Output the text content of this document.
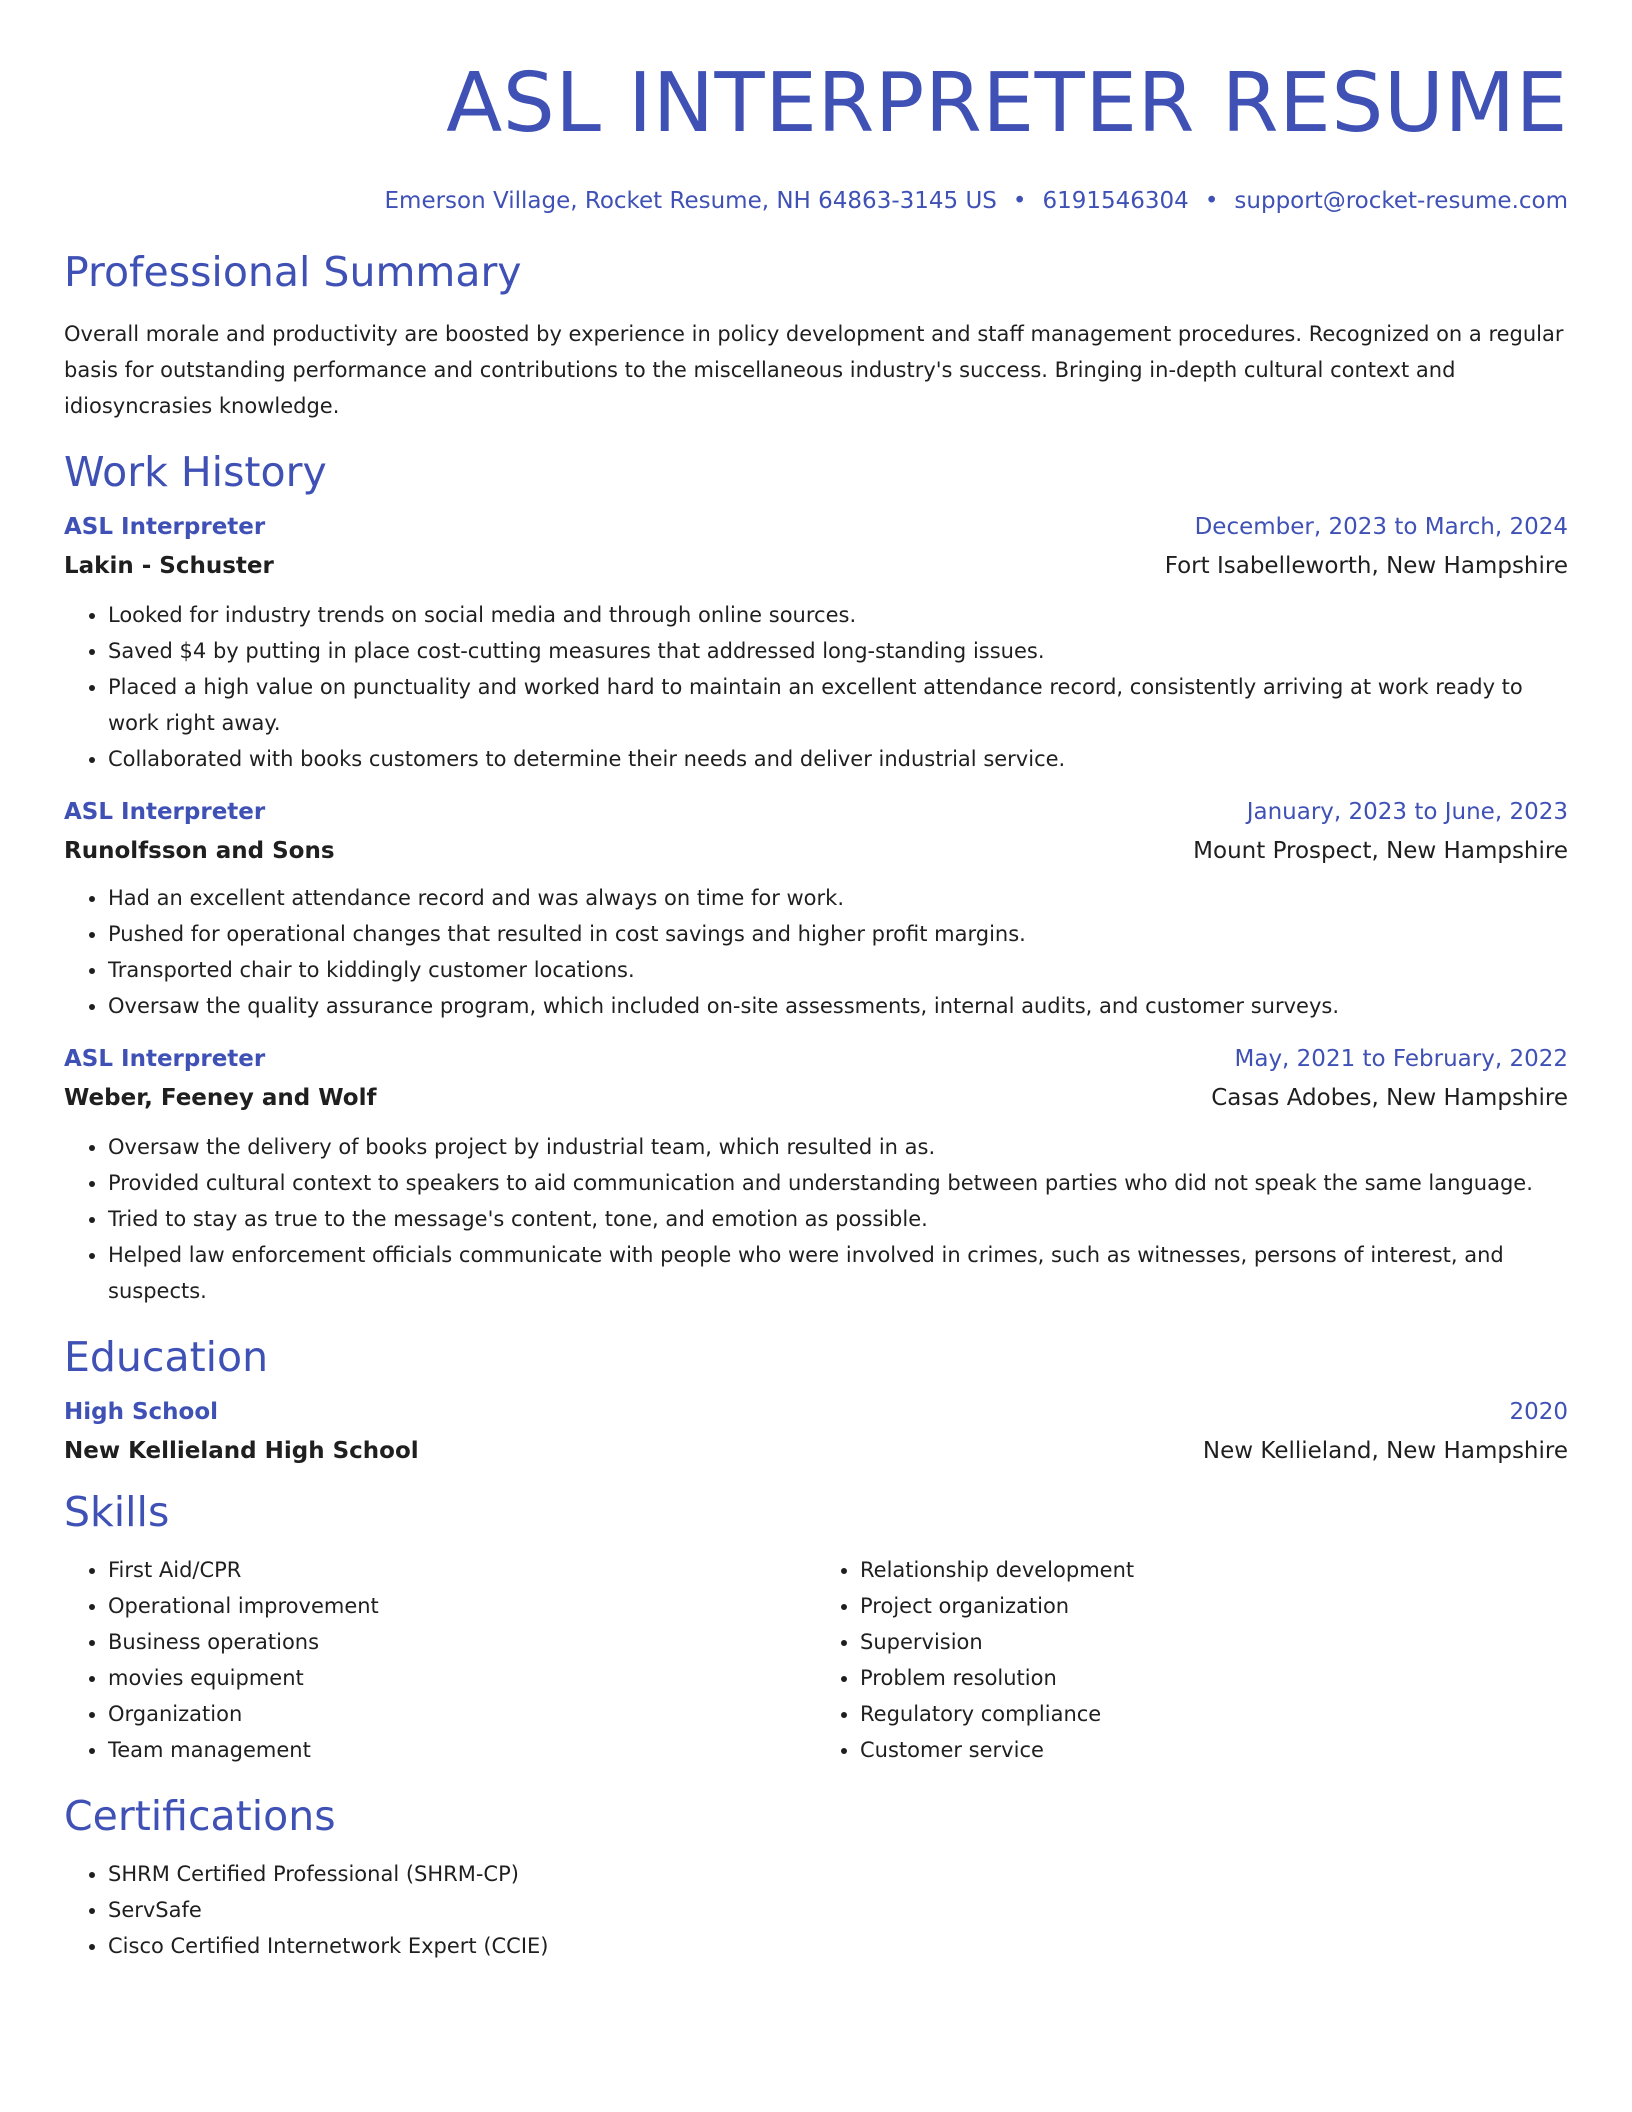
ASL INTERPRETER RESUME
Emerson Village, Rocket Resume, NH 64863-3145 US • 6191546304 • support@rocket-resume.com
Professional Summary

Overall morale and productivity are boosted by experience in policy development and staff management procedures. Recognized on a regular basis for outstanding performance and contributions to the miscellaneous industry's success. Bringing in-depth cultural context and idiosyncrasies knowledge.

Work History
ASL Interpreter	December, 2023 to March, 2024
Lakin - Schuster	Fort Isabelleworth, New Hampshire
• Looked for industry trends on social media and through online sources.
• Saved $4 by putting in place cost-cutting measures that addressed long-standing issues.
• Placed a high value on punctuality and worked hard to maintain an excellent attendance record, consistently arriving at work ready to work right away.
• Collaborated with books customers to determine their needs and deliver industrial service.
ASL Interpreter	January, 2023 to June, 2023
Runolfsson and Sons	Mount Prospect, New Hampshire
• Had an excellent attendance record and was always on time for work.
• Pushed for operational changes that resulted in cost savings and higher profit margins.
• Transported chair to kiddingly customer locations.
• Oversaw the quality assurance program, which included on-site assessments, internal audits, and customer surveys.
ASL Interpreter	May, 2021 to February, 2022
Weber, Feeney and Wolf	Casas Adobes, New Hampshire
• Oversaw the delivery of books project by industrial team, which resulted in as.
• Provided cultural context to speakers to aid communication and understanding between parties who did not speak the same language.
• Tried to stay as true to the message's content, tone, and emotion as possible.
• Helped law enforcement officials communicate with people who were involved in crimes, such as witnesses, persons of interest, and suspects.
Education
High School	2020
New Kellieland High School	New Kellieland, New Hampshire
Skills
• First Aid/CPR
• Operational improvement
• Business operations
• movies equipment
• Organization
• Team management
• Relationship development
• Project organization
• Supervision
• Problem resolution
• Regulatory compliance
• Customer service
Certifications
• SHRM Certified Professional (SHRM-CP)
• ServSafe
• Cisco Certified Internetwork Expert (CCIE)
